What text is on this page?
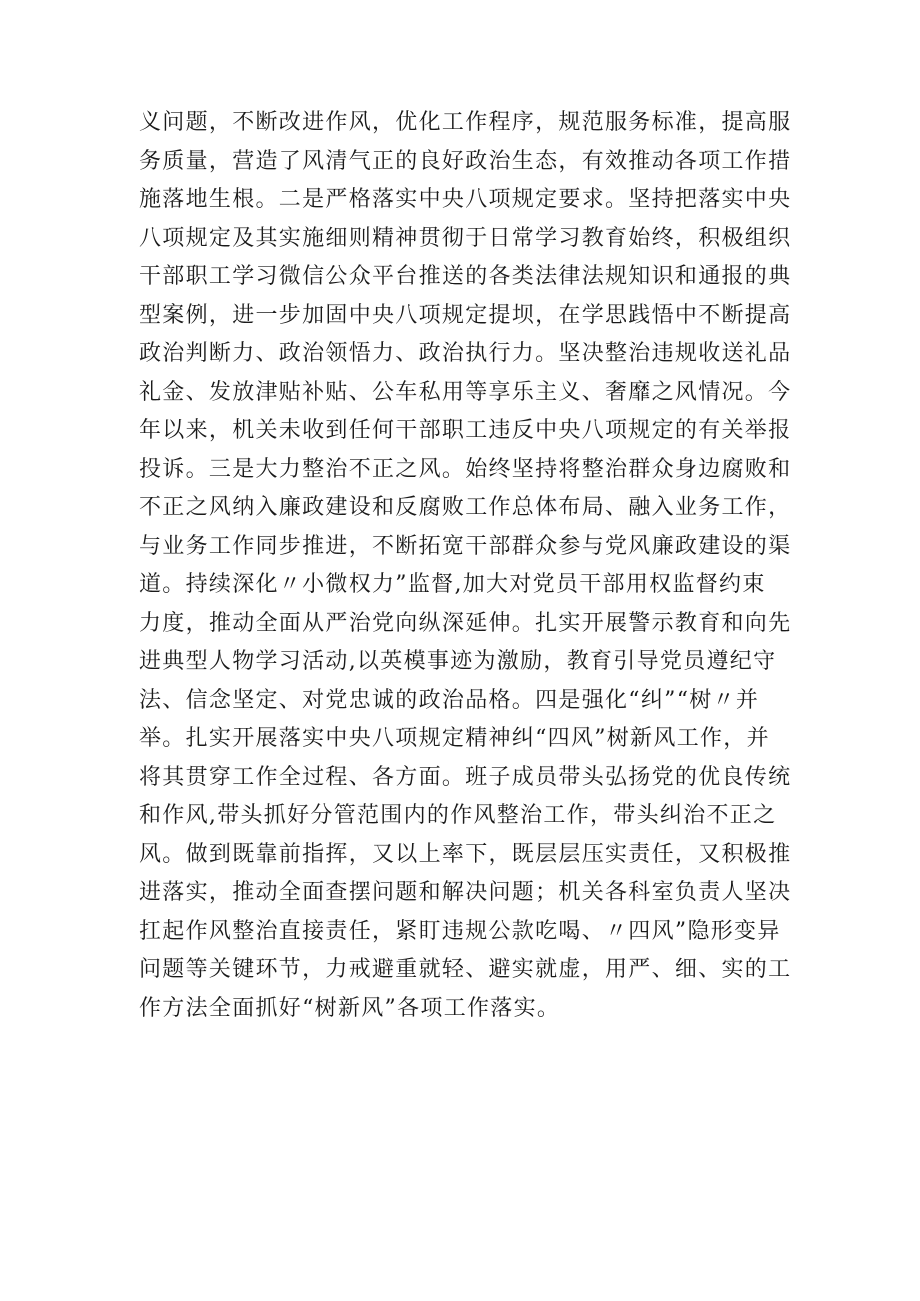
义问题，不断改进作风，优化工作程序，规范服务标准，提高服
务质量，营造了风清气正的良好政治生态，有效推动各项工作措
施落地生根。二是严格落实中央八项规定要求。坚持把落实中央
八项规定及其实施细则精神贯彻于日常学习教育始终，积极组织
干部职工学习微信公众平台推送的各类法律法规知识和通报的典
型案例，进一步加固中央八项规定提坝，在学思践悟中不断提高
政治判断力、政治领悟力、政治执行力。坚决整治违规收送礼品
礼金、发放津贴补贴、公车私用等享乐主义、奢靡之风情况。今
年以来，机关未收到任何干部职工违反中央八项规定的有关举报
投诉。三是大力整治不正之风。始终坚持将整治群众身边腐败和
不正之风纳入廉政建设和反腐败工作总体布局、融入业务工作，
与业务工作同步推进，不断拓宽干部群众参与党风廉政建设的渠
道。持续深化〃小微权力”监督,加大对党员干部用权监督约束
力度，推动全面从严治党向纵深延伸。扎实开展警示教育和向先
进典型人物学习活动,以英模事迹为激励，教育引导党员遵纪守
法、信念坚定、对党忠诚的政治品格。四是强化“纠”“树〃并
举。扎实开展落实中央八项规定精神纠“四风”树新风工作，并
将其贯穿工作全过程、各方面。班子成员带头弘扬党的优良传统
和作风,带头抓好分管范围内的作风整治工作，带头纠治不正之
风。做到既靠前指挥，又以上率下，既层层压实责任，又积极推
进落实，推动全面查摆问题和解决问题；机关各科室负责人坚决
扛起作风整治直接责任，紧盯违规公款吃喝、〃四风”隐形变异
问题等关键环节，力戒避重就轻、避实就虚，用严、细、实的工
作方法全面抓好“树新风”各项工作落实。
